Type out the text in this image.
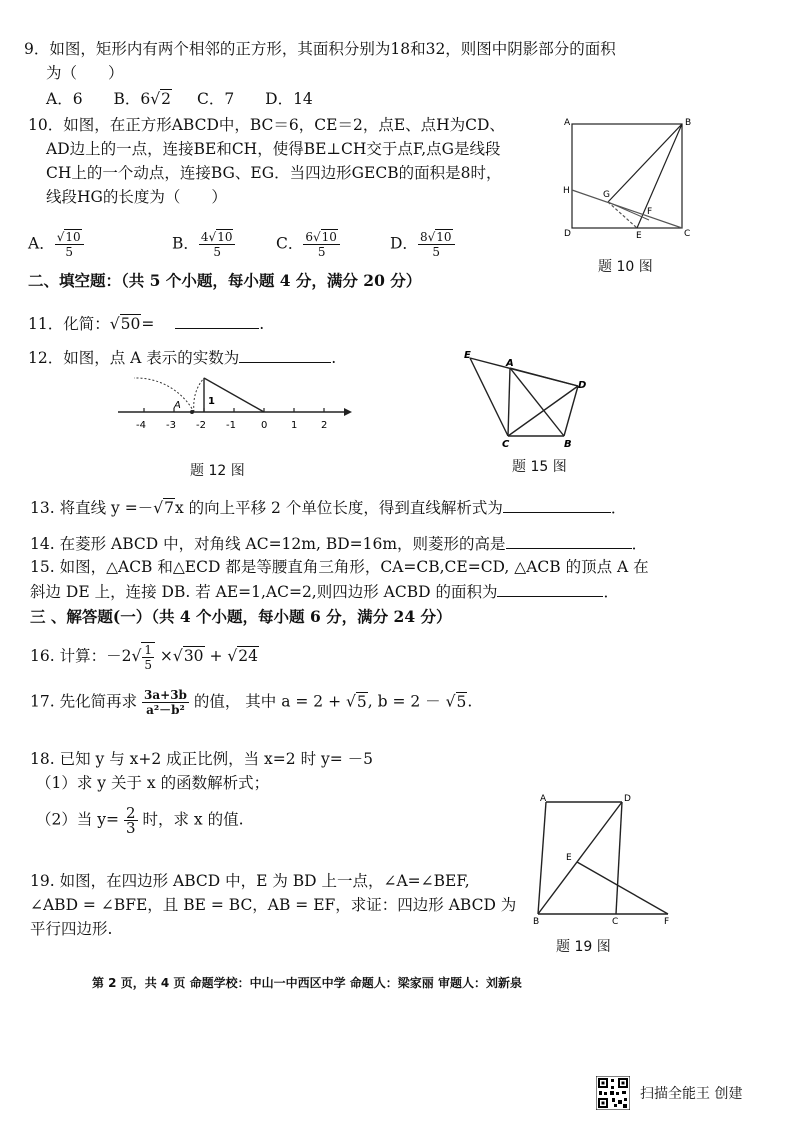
9．如图，矩形内有两个相邻的正方形，其面积分别为18和32，则图中阴影部分的面积
为（　　）
A．6 B．6√2 C．7 D．14
10．如图，在正方形ABCD中，BC＝6，CE＝2，点E、点H为CD、
AD边上的一点，连接BE和CH，使得BE⊥CH交于点F,点G是线段
CH上的一个动点，连接BG、EG．当四边形GECB的面积是8时，
线段HG的长度为（　　）
A． $\frac{√10}{5}$	B． $\frac{4√10}{5}$	C． $\frac{6√10}{5}$	D． $\frac{8√10}{5}$
A	B
C
D	E
F
G
H
题 10 图
二、填空题：（共 5 个小题，每小题 4 分，满分 20 分）
11．化简：√50=	.
12．如图，点 A 表示的实数为	.
1
A
-4 -3 -2 -1	0 1 2
题 12 图
E
A
D
C	B
题 15 图
13. 将直线 y =－√7x 的向上平移 2 个单位长度，得到直线解析式为	．
14. 在菱形 ABCD 中，对角线 AC=12m, BD=16m，则菱形的高是	．
15. 如图，△ACB 和△ECD 都是等腰直角三角形，CA=CB,CE=CD, △ACB 的顶点 A 在
斜边 DE 上，连接 DB. 若 AE=1,AC=2,则四边形 ACBD 的面积为	．
三 、解答题(一）（共 4 个小题，每小题 6 分，满分 24 分）
16. 计算：$-2√ \frac{1}{5} \times√30 + √24$
17. 先化简再求 $\frac{3a+3b}{\text{a²－b²}}$ 的值， 其中 a = 2 + √5, b = 2 － √5.
18. 已知 y 与 x+2 成正比例，当 x=2 时 y= －5
（1）求 y 关于 x 的函数解析式；
（2）当 $y= \frac{2}{3}$ 时，求 x 的值.
19. 如图，在四边形 ABCD 中，E 为 BD 上一点，∠A=∠BEF,
∠ABD = ∠BFE，且 BE = BC，AB = EF，求证：四边形 ABCD 为
平行四边形.
A	D
E
B	C	F
题 19 图
第 2 页，共 4 页 命题学校：中山一中西区中学 命题人：梁家丽 审题人：刘新泉
扫描全能王 创建
